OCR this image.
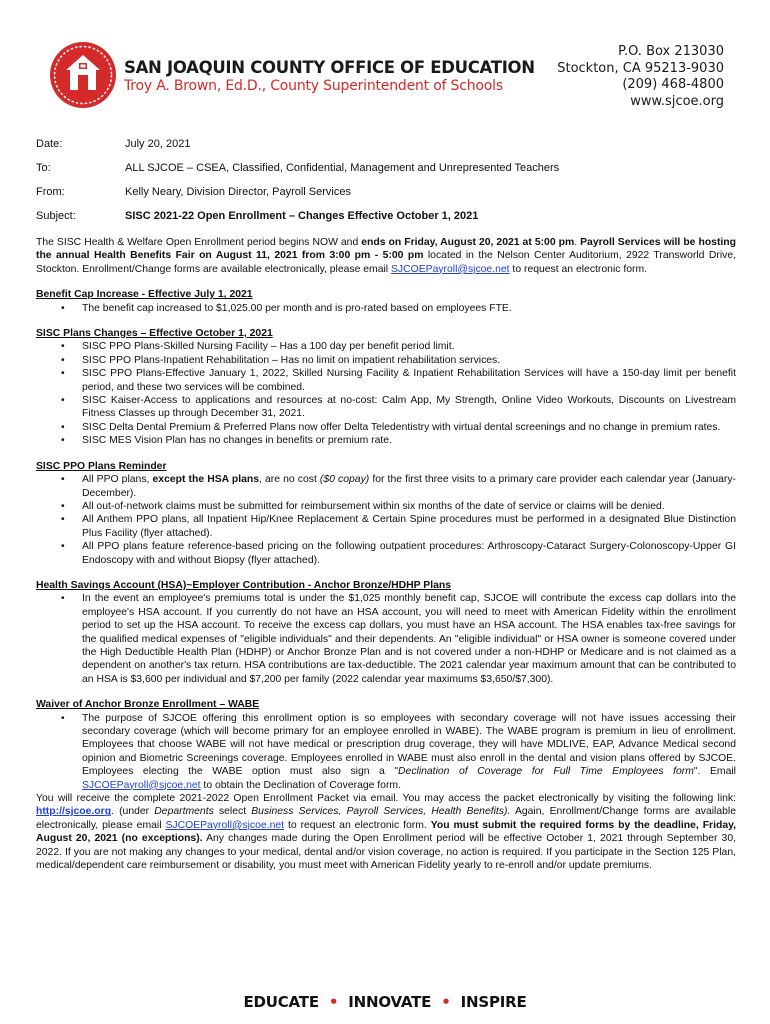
SAN JOAQUIN COUNTY OFFICE OF EDUCATION
Troy A. Brown, Ed.D., County Superintendent of Schools
P.O. Box 213030
Stockton, CA 95213-9030
(209) 468-4800
www.sjcoe.org
Date:	July 20, 2021
To:	ALL SJCOE – CSEA, Classified, Confidential, Management and Unrepresented Teachers
From:	Kelly Neary, Division Director, Payroll Services
Subject:	SISC 2021-22 Open Enrollment – Changes Effective October 1, 2021

The SISC Health & Welfare Open Enrollment period begins NOW and ends on Friday, August 20, 2021 at 5:00 pm. Payroll Services will be hosting the annual Health Benefits Fair on August 11, 2021 from 3:00 pm - 5:00 pm located in the Nelson Center Auditorium, 2922 Transworld Drive, Stockton. Enrollment/Change forms are available electronically, please email SJCOEPayroll@sjcoe.net to request an electronic form.

Benefit Cap Increase - Effective July 1, 2021
• The benefit cap increased to $1,025.00 per month and is pro-rated based on employees FTE.
SISC Plans Changes – Effective October 1, 2021
• SISC PPO Plans-Skilled Nursing Facility – Has a 100 day per benefit period limit.
• SISC PPO Plans-Inpatient Rehabilitation – Has no limit on impatient rehabilitation services.
• SISC PPO Plans-Effective January 1, 2022, Skilled Nursing Facility & Inpatient Rehabilitation Services will have a 150-day limit per benefit period, and these two services will be combined.
• SISC Kaiser-Access to applications and resources at no-cost: Calm App, My Strength, Online Video Workouts, Discounts on Livestream Fitness Classes up through December 31, 2021.
• SISC Delta Dental Premium & Preferred Plans now offer Delta Teledentistry with virtual dental screenings and no change in premium rates.
• SISC MES Vision Plan has no changes in benefits or premium rate.
SISC PPO Plans Reminder
• All PPO plans, except the HSA plans, are no cost ($0 copay) for the first three visits to a primary care provider each calendar year (January-December).
• All out-of-network claims must be submitted for reimbursement within six months of the date of service or claims will be denied.
• All Anthem PPO plans, all Inpatient Hip/Knee Replacement & Certain Spine procedures must be performed in a designated Blue Distinction Plus Facility (flyer attached).
• All PPO plans feature reference-based pricing on the following outpatient procedures: Arthroscopy-Cataract Surgery-Colonoscopy-Upper GI Endoscopy with and without Biopsy (flyer attached).
Health Savings Account (HSA)~Employer Contribution - Anchor Bronze/HDHP Plans
• In the event an employee's premiums total is under the $1,025 monthly benefit cap, SJCOE will contribute the excess cap dollars into the employee's HSA account. If you currently do not have an HSA account, you will need to meet with American Fidelity within the enrollment period to set up the HSA account. To receive the excess cap dollars, you must have an HSA account. The HSA enables tax-free savings for the qualified medical expenses of "eligible individuals" and their dependents. An "eligible individual" or HSA owner is someone covered under the High Deductible Health Plan (HDHP) or Anchor Bronze Plan and is not covered under a non-HDHP or Medicare and is not claimed as a dependent on another's tax return. HSA contributions are tax-deductible. The 2021 calendar year maximum amount that can be contributed to an HSA is $3,600 per individual and $7,200 per family (2022 calendar year maximums $3,650/$7,300).
Waiver of Anchor Bronze Enrollment – WABE
• The purpose of SJCOE offering this enrollment option is so employees with secondary coverage will not have issues accessing their secondary coverage (which will become primary for an employee enrolled in WABE). The WABE program is premium in lieu of enrollment. Employees that choose WABE will not have medical or prescription drug coverage, they will have MDLIVE, EAP, Advance Medical second opinion and Biometric Screenings coverage. Employees enrolled in WABE must also enroll in the dental and vision plans offered by SJCOE. Employees electing the WABE option must also sign a "Declination of Coverage for Full Time Employees form". Email SJCOEPayroll@sjcoe.net to obtain the Declination of Coverage form.

You will receive the complete 2021-2022 Open Enrollment Packet via email. You may access the packet electronically by visiting the following link: http://sjcoe.org. (under Departments select Business Services, Payroll Services, Health Benefits). Again, Enrollment/Change forms are available electronically, please email SJCOEPayroll@sjcoe.net to request an electronic form. You must submit the required forms by the deadline, Friday, August 20, 2021 (no exceptions). Any changes made during the Open Enrollment period will be effective October 1, 2021 through September 30, 2022. If you are not making any changes to your medical, dental and/or vision coverage, no action is required. If you participate in the Section 125 Plan, medical/dependent care reimbursement or disability, you must meet with American Fidelity yearly to re-enroll and/or update premiums.

EDUCATE • INNOVATE • INSPIRE
